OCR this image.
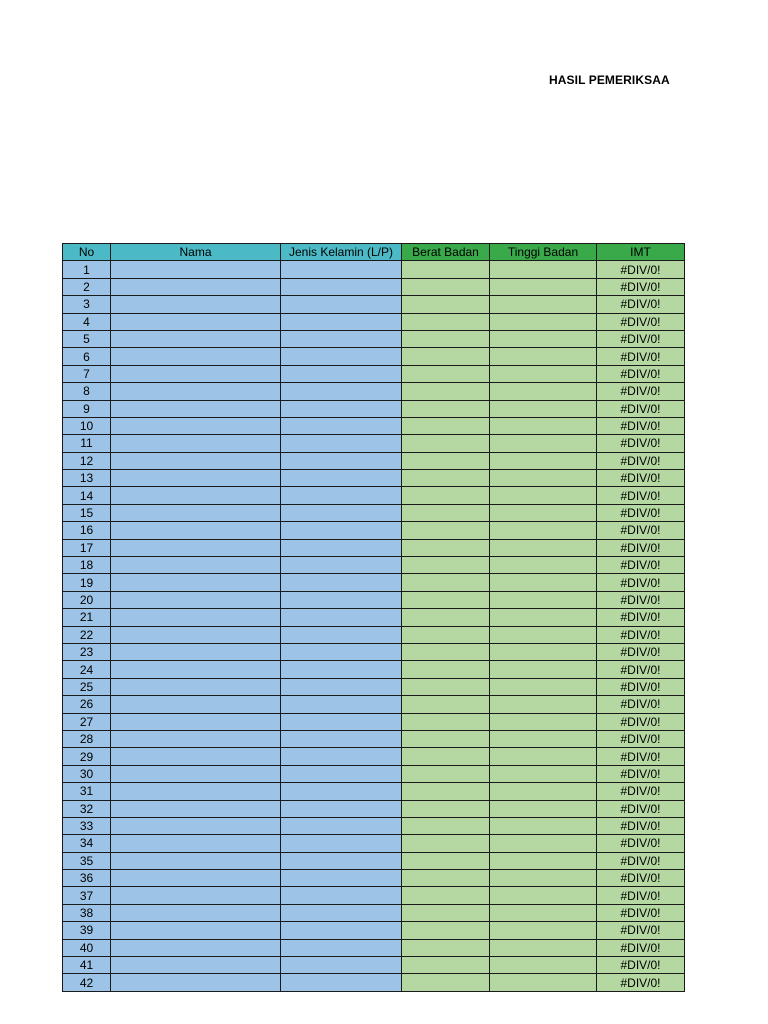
HASIL PEMERIKSAA
No	Nama	Jenis Kelamin (L/P)	Berat Badan	Tinggi Badan	IMT
1					#DIV/0!
2					#DIV/0!
3					#DIV/0!
4					#DIV/0!
5					#DIV/0!
6					#DIV/0!
7					#DIV/0!
8					#DIV/0!
9					#DIV/0!
10					#DIV/0!
11					#DIV/0!
12					#DIV/0!
13					#DIV/0!
14					#DIV/0!
15					#DIV/0!
16					#DIV/0!
17					#DIV/0!
18					#DIV/0!
19					#DIV/0!
20					#DIV/0!
21					#DIV/0!
22					#DIV/0!
23					#DIV/0!
24					#DIV/0!
25					#DIV/0!
26					#DIV/0!
27					#DIV/0!
28					#DIV/0!
29					#DIV/0!
30					#DIV/0!
31					#DIV/0!
32					#DIV/0!
33					#DIV/0!
34					#DIV/0!
35					#DIV/0!
36					#DIV/0!
37					#DIV/0!
38					#DIV/0!
39					#DIV/0!
40					#DIV/0!
41					#DIV/0!
42					#DIV/0!
